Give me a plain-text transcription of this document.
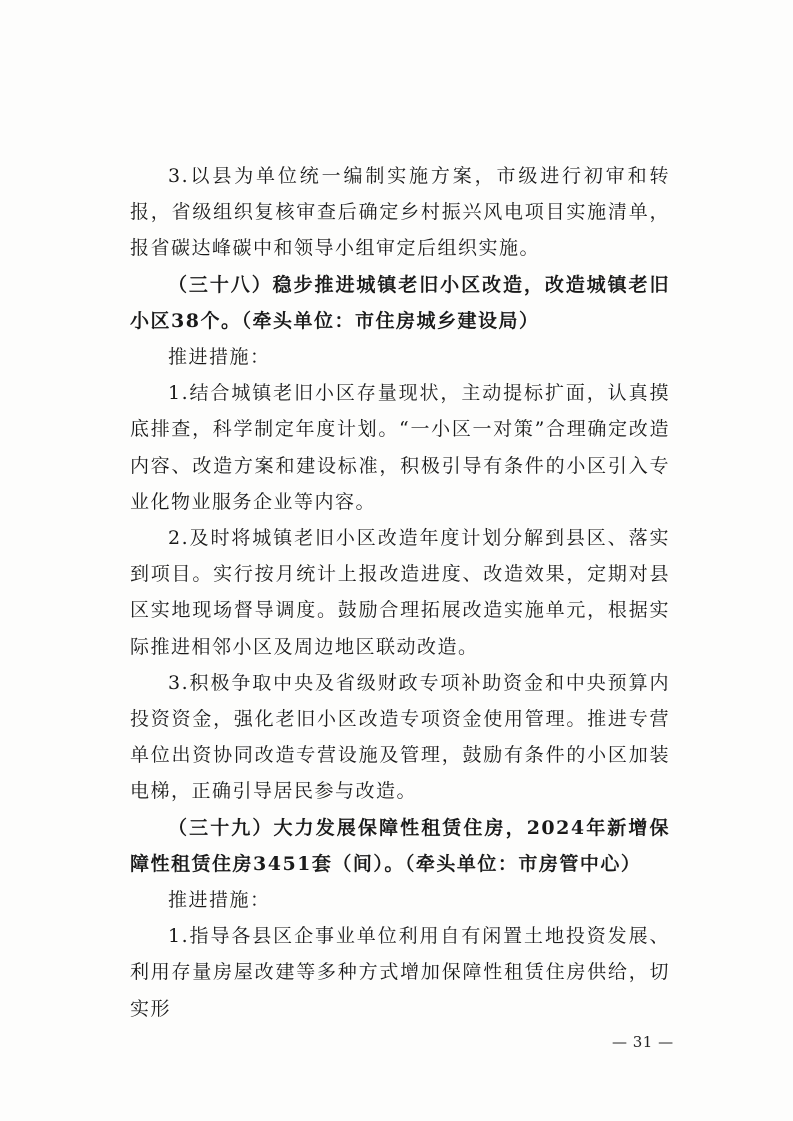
3.以县为单位统一编制实施方案，市级进行初审和转报，省级组织复核审查后确定乡村振兴风电项目实施清单，报省碳达峰碳中和领导小组审定后组织实施。

（三十八）稳步推进城镇老旧小区改造，改造城镇老旧小区38个。（牵头单位：市住房城乡建设局）

推进措施：

1.结合城镇老旧小区存量现状，主动提标扩面，认真摸底排查，科学制定年度计划。“一小区一对策”合理确定改造内容、改造方案和建设标准，积极引导有条件的小区引入专业化物业服务企业等内容。

2.及时将城镇老旧小区改造年度计划分解到县区、落实到项目。实行按月统计上报改造进度、改造效果，定期对县区实地现场督导调度。鼓励合理拓展改造实施单元，根据实际推进相邻小区及周边地区联动改造。

3.积极争取中央及省级财政专项补助资金和中央预算内投资资金，强化老旧小区改造专项资金使用管理。推进专营单位出资协同改造专营设施及管理，鼓励有条件的小区加装电梯，正确引导居民参与改造。

（三十九）大力发展保障性租赁住房，2024年新增保障性租赁住房3451套（间）。（牵头单位：市房管中心）

推进措施：

1.指导各县区企事业单位利用自有闲置土地投资发展、利用存量房屋改建等多种方式增加保障性租赁住房供给，切实形

— 31 —
